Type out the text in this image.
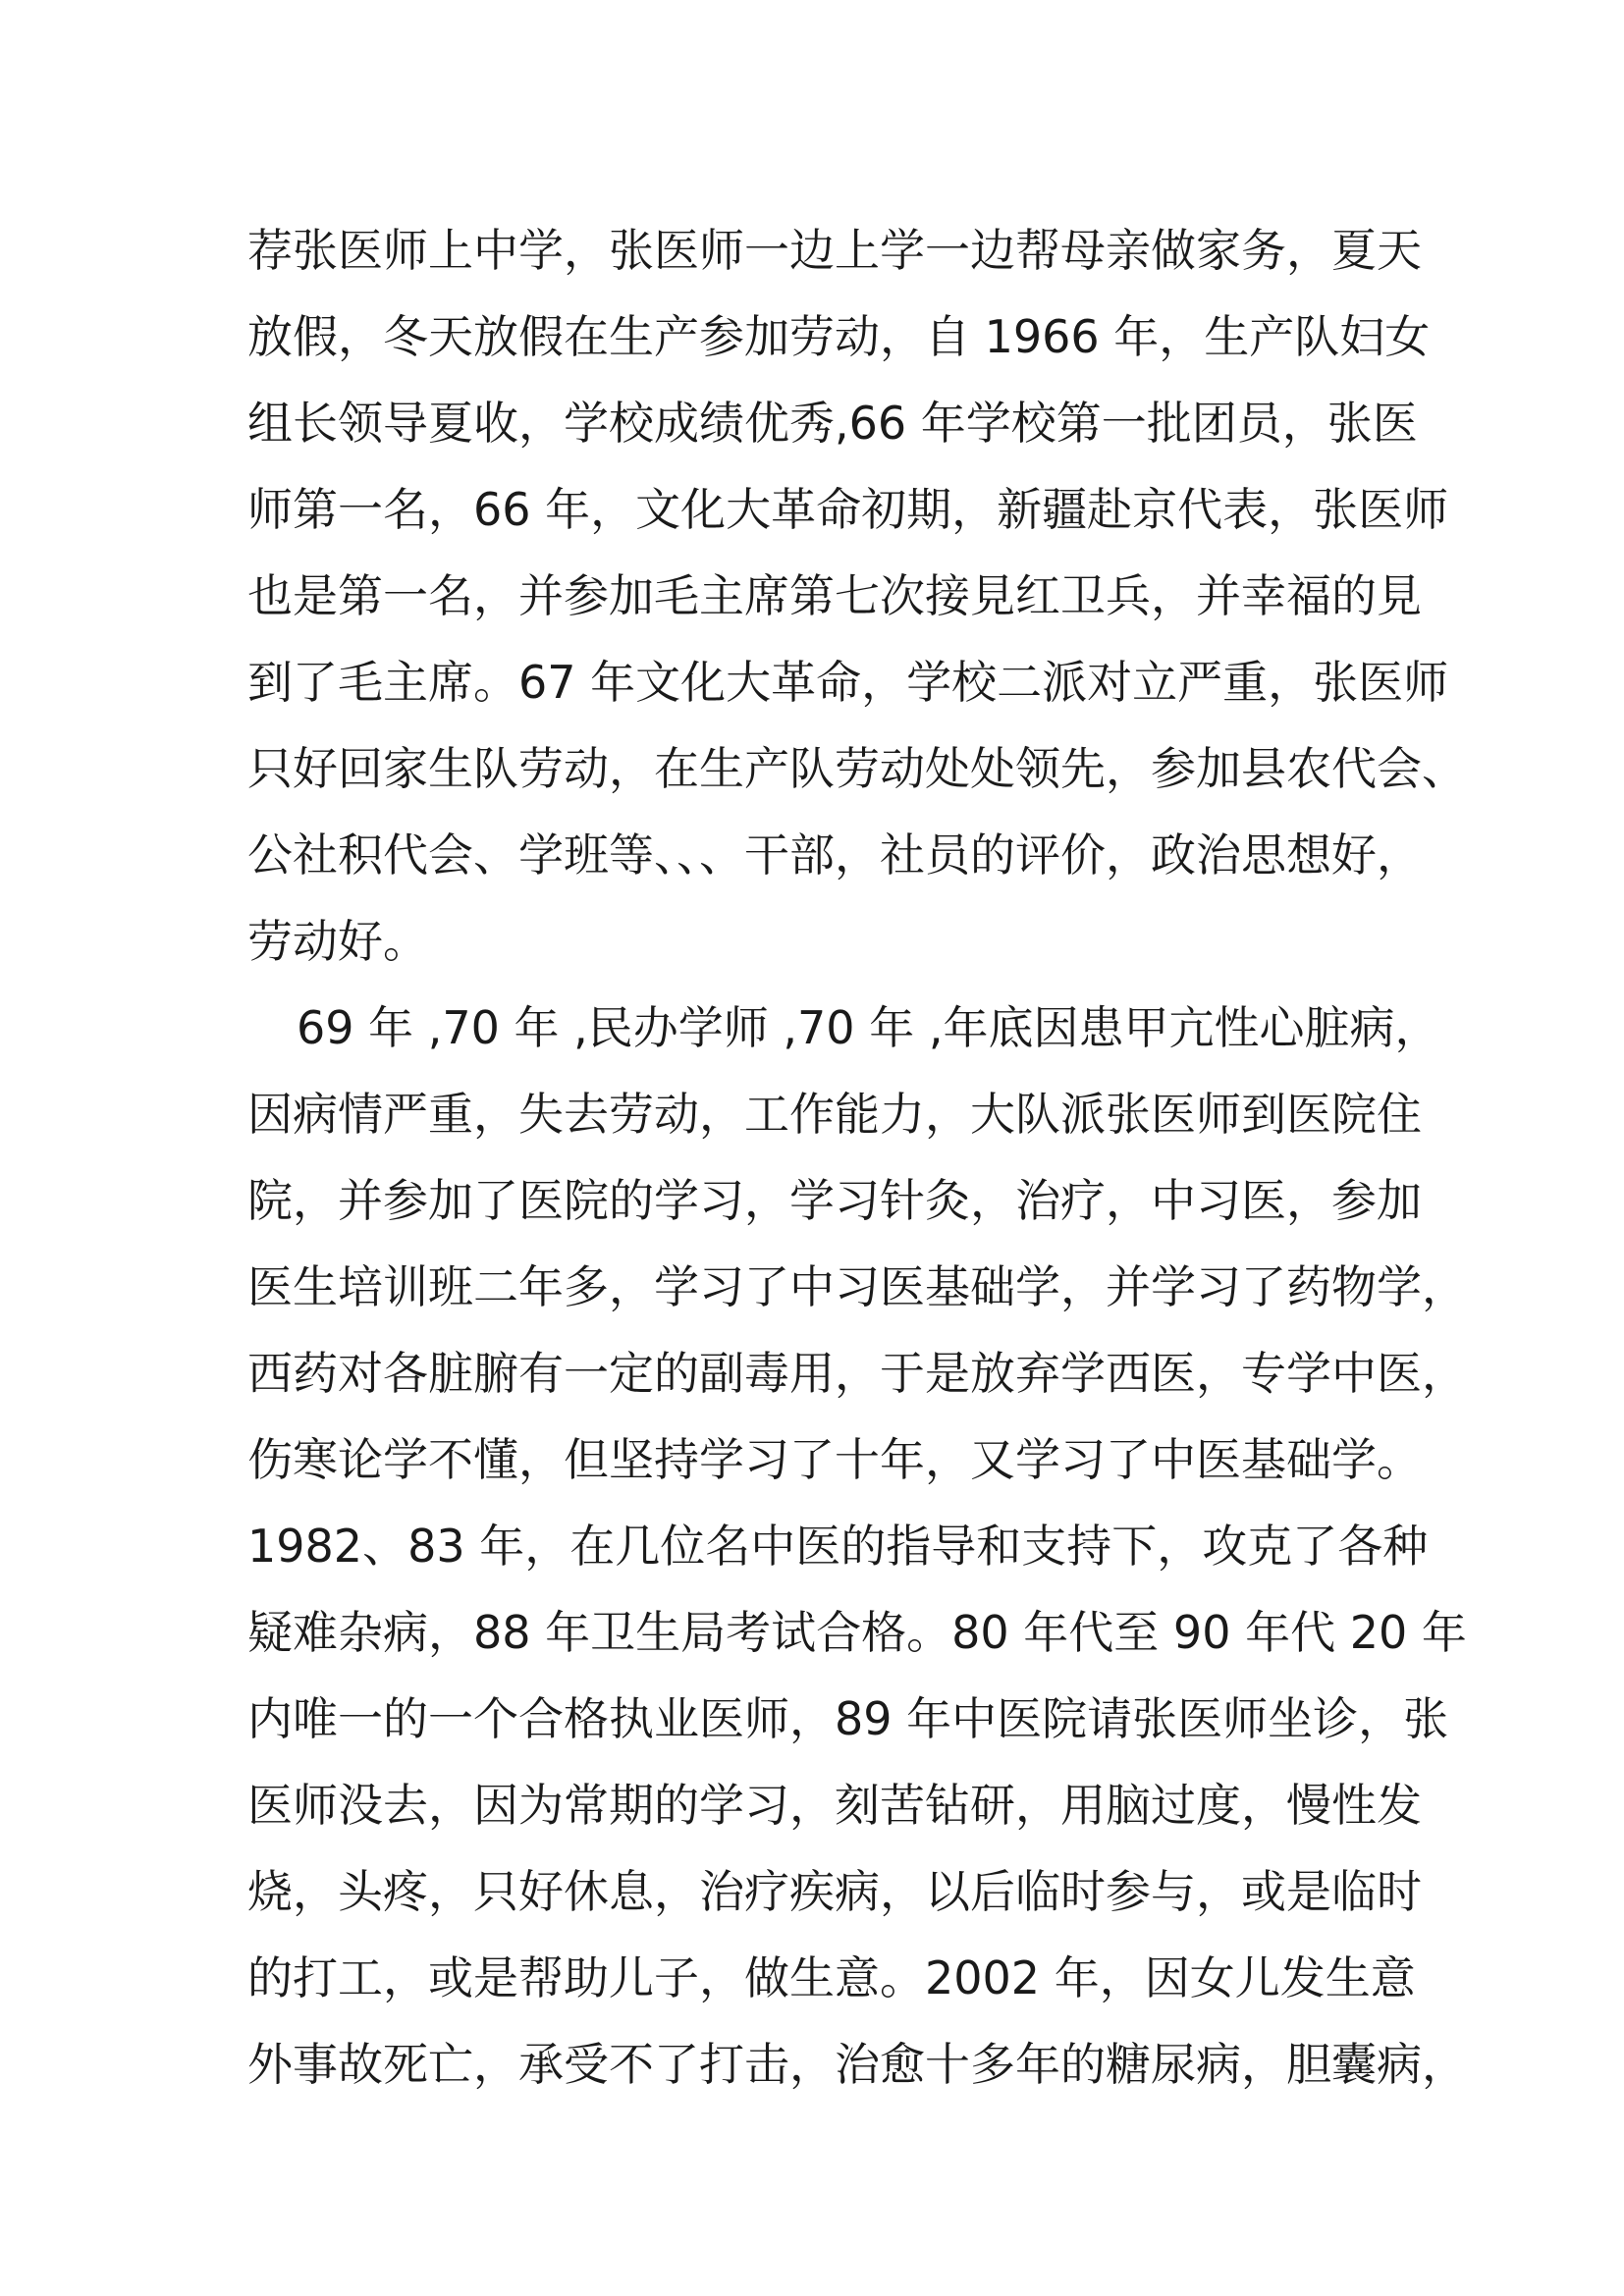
荐张医师上中学，张医师一边上学一边帮母亲做家务，夏天
放假，冬天放假在生产参加劳动，自 1966 年，生产队妇女
组长领导夏收，学校成绩优秀,66 年学校第一批团员，张医
师第一名，66 年，文化大革命初期，新疆赴京代表，张医师
也是第一名，并参加毛主席第七次接見红卫兵，并幸福的見
到了毛主席。67 年文化大革命，学校二派对立严重，张医师
只好回家生队劳动，在生产队劳动处处领先，参加县农代会、
公社积代会、学班等、、、干部，社员的评价，政治思想好，
劳动好。
69 年 ,70 年 ,民办学师 ,70 年 ,年底因患甲亢性心脏病，
因病情严重，失去劳动，工作能力，大队派张医师到医院住
院，并参加了医院的学习，学习针灸，治疗，中习医，参加
医生培训班二年多，学习了中习医基础学，并学习了药物学，
西药对各脏腑有一定的副毒用，于是放弃学西医，专学中医，
伤寒论学不懂，但坚持学习了十年，又学习了中医基础学。
1982、83 年，在几位名中医的指导和支持下，攻克了各种
疑难杂病，88 年卫生局考试合格。80 年代至 90 年代 20 年
内唯一的一个合格执业医师，89 年中医院请张医师坐诊，张
医师没去，因为常期的学习，刻苦钻研，用脑过度，慢性发
烧，头疼，只好休息，治疗疾病，以后临时参与，或是临时
的打工，或是帮助儿子，做生意。2002 年，因女儿发生意
外事故死亡，承受不了打击，治愈十多年的糖尿病，胆囊病，
